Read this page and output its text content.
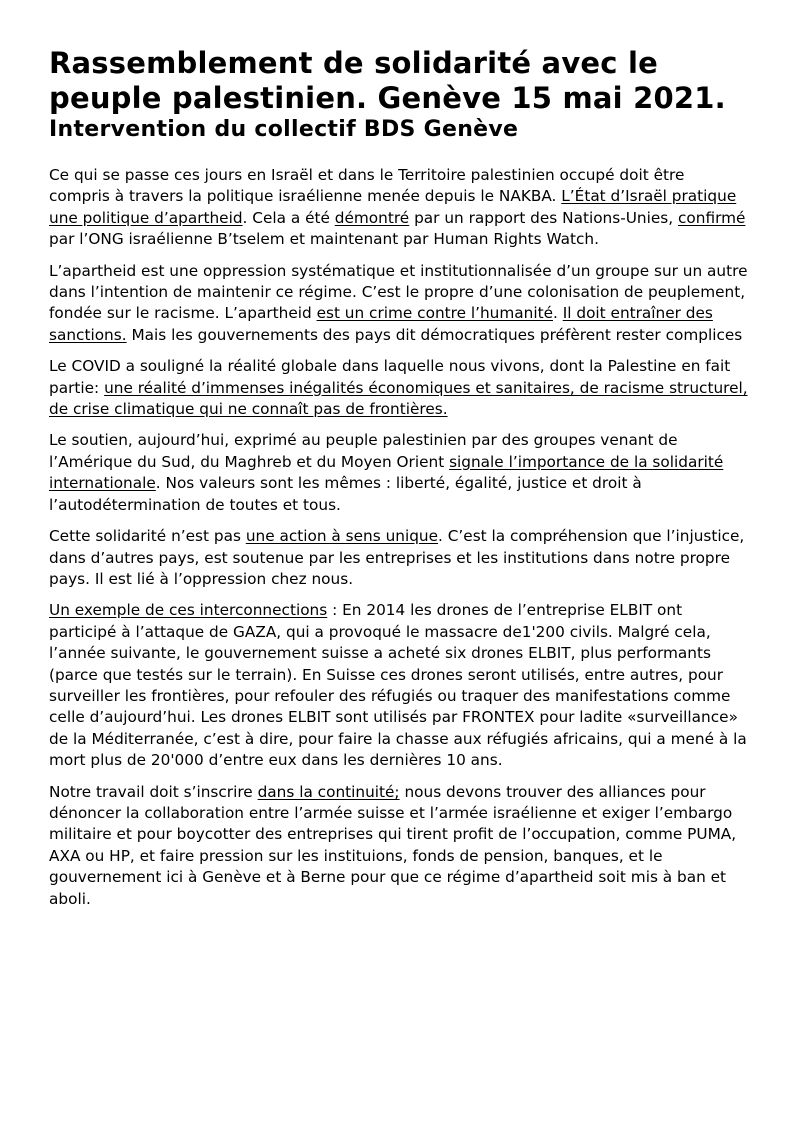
Rassemblement de solidarité avec le peuple palestinien. Genève 15 mai 2021.
Intervention du collectif BDS Genève

Ce qui se passe ces jours en Israël et dans le Territoire palestinien occupé doit être compris à travers la politique israélienne menée depuis le NAKBA. L’État d’Israël pratique une politique d’apartheid. Cela a été démontré par un rapport des Nations-Unies, confirmé par l’ONG israélienne B’tselem et maintenant par Human Rights Watch.

L’apartheid est une oppression systématique et institutionnalisée d’un groupe sur un autre dans l’intention de maintenir ce régime. C’est le propre d’une colonisation de peuplement, fondée sur le racisme. L’apartheid est un crime contre l’humanité. Il doit entraîner des sanctions. Mais les gouvernements des pays dit démocratiques préfèrent rester complices

Le COVID a souligné la réalité globale dans laquelle nous vivons, dont la Palestine en fait partie: une réalité d’immenses inégalités économiques et sanitaires, de racisme structurel, de crise climatique qui ne connaît pas de frontières.

Le soutien, aujourd’hui, exprimé au peuple palestinien par des groupes venant de l’Amérique du Sud, du Maghreb et du Moyen Orient signale l’importance de la solidarité internationale. Nos valeurs sont les mêmes : liberté, égalité, justice et droit à l’autodétermination de toutes et tous.

Cette solidarité n’est pas une action à sens unique. C’est la compréhension que l’injustice, dans d’autres pays, est soutenue par les entreprises et les institutions dans notre propre pays. Il est lié à l’oppression chez nous.

Un exemple de ces interconnections : En 2014 les drones de l’entreprise ELBIT ont participé à l’attaque de GAZA, qui a provoqué le massacre de1'200 civils. Malgré cela, l’année suivante, le gouvernement suisse a acheté six drones ELBIT, plus performants (parce que testés sur le terrain). En Suisse ces drones seront utilisés, entre autres, pour surveiller les frontières, pour refouler des réfugiés ou traquer des manifestations comme celle d’aujourd’hui. Les drones ELBIT sont utilisés par FRONTEX pour ladite «surveillance» de la Méditerranée, c’est à dire, pour faire la chasse aux réfugiés africains, qui a mené à la mort plus de 20'000 d’entre eux dans les dernières 10 ans.

Notre travail doit s’inscrire dans la continuité; nous devons trouver des alliances pour dénoncer la collaboration entre l’armée suisse et l’armée israélienne et exiger l’embargo militaire et pour boycotter des entreprises qui tirent profit de l’occupation, comme PUMA, AXA ou HP, et faire pression sur les instituions, fonds de pension, banques, et le gouvernement ici à Genève et à Berne pour que ce régime d’apartheid soit mis à ban et aboli.
